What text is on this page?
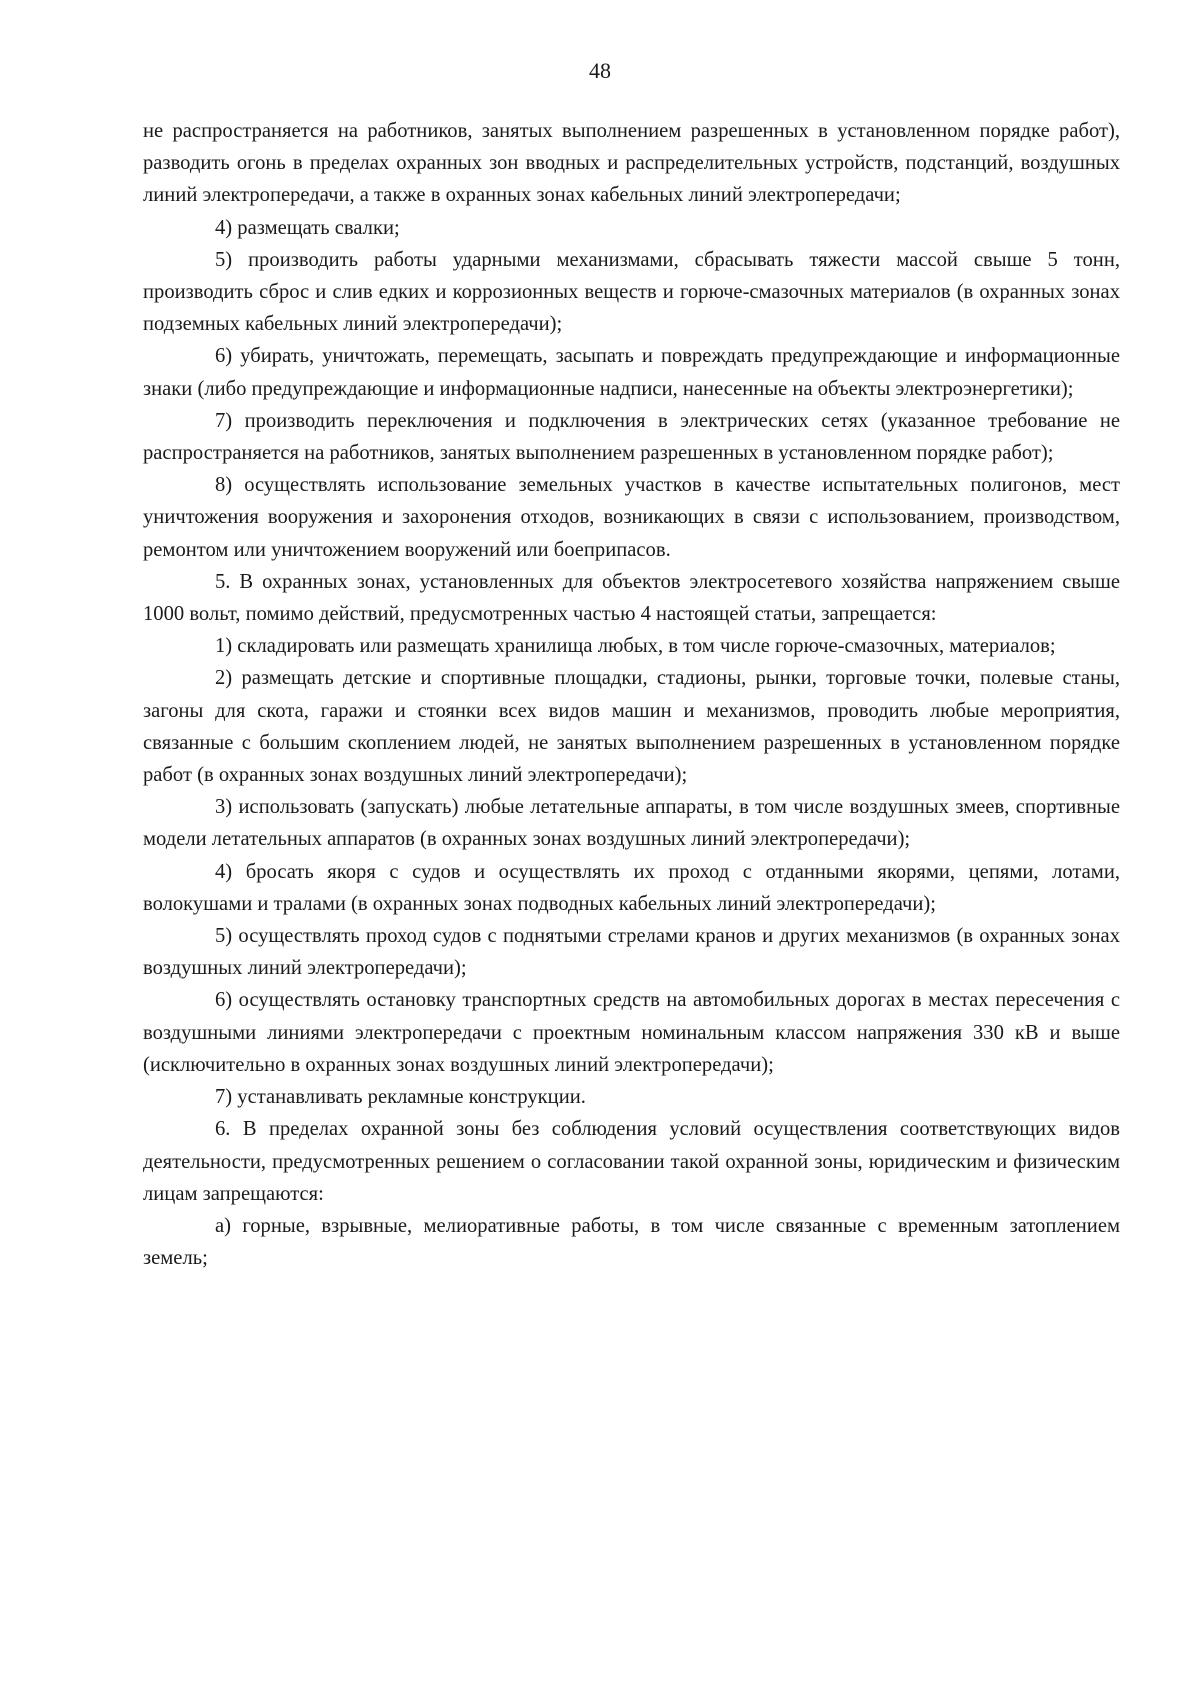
48

не распространяется на работников, занятых выполнением разрешенных в установленном порядке работ), разводить огонь в пределах охранных зон вводных и распределительных устройств, подстанций, воздушных линий электропередачи, а также в охранных зонах кабельных линий электропередачи;

4) размещать свалки;

5) производить работы ударными механизмами, сбрасывать тяжести массой свыше 5 тонн, производить сброс и слив едких и коррозионных веществ и горюче-смазочных материалов (в охранных зонах подземных кабельных линий электропередачи);

6) убирать, уничтожать, перемещать, засыпать и повреждать предупреждающие и информационные знаки (либо предупреждающие и информационные надписи, нанесенные на объекты электроэнергетики);

7) производить переключения и подключения в электрических сетях (указанное требование не распространяется на работников, занятых выполнением разрешенных в установленном порядке работ);

8) осуществлять использование земельных участков в качестве испытательных полигонов, мест уничтожения вооружения и захоронения отходов, возникающих в связи с использованием, производством, ремонтом или уничтожением вооружений или боеприпасов.

5. В охранных зонах, установленных для объектов электросетевого хозяйства напряжением свыше 1000 вольт, помимо действий, предусмотренных частью 4 настоящей статьи, запрещается:

1) складировать или размещать хранилища любых, в том числе горюче-смазочных, материалов;

2) размещать детские и спортивные площадки, стадионы, рынки, торговые точки, полевые станы, загоны для скота, гаражи и стоянки всех видов машин и механизмов, проводить любые мероприятия, связанные с большим скоплением людей, не занятых выполнением разрешенных в установленном порядке работ (в охранных зонах воздушных линий электропередачи);

3) использовать (запускать) любые летательные аппараты, в том числе воздушных змеев, спортивные модели летательных аппаратов (в охранных зонах воздушных линий электропередачи);

4) бросать якоря с судов и осуществлять их проход с отданными якорями, цепями, лотами, волокушами и тралами (в охранных зонах подводных кабельных линий электропередачи);

5) осуществлять проход судов с поднятыми стрелами кранов и других механизмов (в охранных зонах воздушных линий электропередачи);

6) осуществлять остановку транспортных средств на автомобильных дорогах в местах пересечения с воздушными линиями электропередачи с проектным номинальным классом напряжения 330 кВ и выше (исключительно в охранных зонах воздушных линий электропередачи);

7) устанавливать рекламные конструкции.

6. В пределах охранной зоны без соблюдения условий осуществления соответствующих видов деятельности, предусмотренных решением о согласовании такой охранной зоны, юридическим и физическим лицам запрещаются:

а) горные, взрывные, мелиоративные работы, в том числе связанные с временным затоплением земель;
